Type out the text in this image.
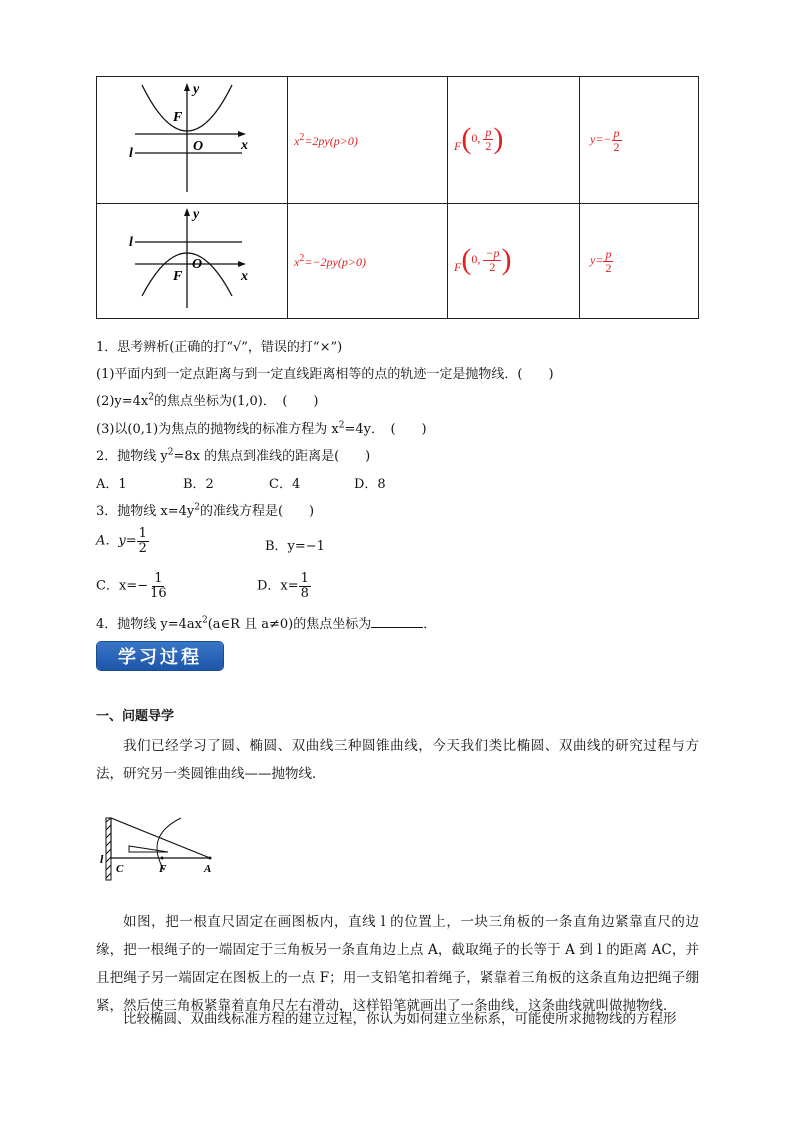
y
x
F
O
l	$x^2=2py(p>0)$	F(0, $\frac{p}{2}$ )	$y=- \frac{p}{2}$

y
x
F
O
l	$x^2=-2py(p>0)$	F(0, $\frac{-p}{2}$ )	$y= \frac{p}{2}$
1．思考辨析(正确的打“√”，错误的打“×”)
(1)平面内到一定点距离与到一定直线距离相等的点的轨迹一定是抛物线．(　　)
$(2)y=4x^2$的焦点坐标为(1,0)．　(　　)
(3)以(0,1)为焦点的抛物线的标准方程为 $x^2=4y$．　(　　)
2．抛物线 $y^2=8x$ 的焦点到准线的距离是(　　)
A．1	B．2	C．4	D．8
3．抛物线 $x=4y^2$的准线方程是(　　)
A．$y= \frac{1}{2}$	B．y=−1
C．$x=- \frac{1}{16}$	D．$x= \frac{1}{8}$
4．抛物线 $y=4ax^2(a\in R$ 且 a≠0)的焦点坐标为	．
学习过程
一、问题导学
我们已经学习了圆、椭圆、双曲线三种圆锥曲线，今天我们类比椭圆、双曲线的研究过程与方法，研究另一类圆锥曲线——抛物线．
l
C	F	A
如图，把一根直尺固定在画图板内，直线 l 的位置上，一块三角板的一条直角边紧靠直尺的边缘，把一根绳子的一端固定于三角板另一条直角边上点 A，截取绳子的长等于 A 到 l 的距离 AC，并且把绳子另一端固定在图板上的一点 F；用一支铅笔扣着绳子，紧靠着三角板的这条直角边把绳子绷紧，然后使三角板紧靠着直角尺左右滑动，这样铅笔就画出了一条曲线，这条曲线就叫做抛物线．
比较椭圆、双曲线标准方程的建立过程，你认为如何建立坐标系，可能使所求抛物线的方程形
